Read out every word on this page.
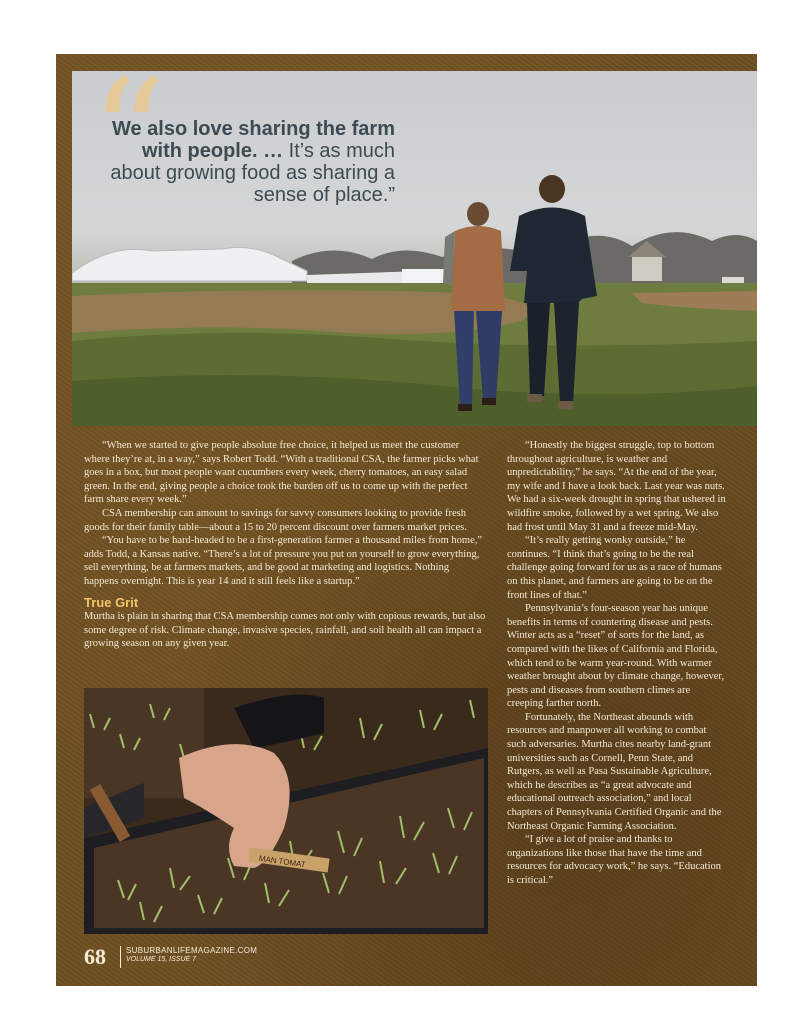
“
We also love sharing the farm with people. … It’s as much about growing food as sharing a sense of place.”

“When we started to give people absolute free choice, it helped us meet the customer where they’re at, in a way,” says Robert Todd. “With a traditional CSA, the farmer picks what goes in a box, but most people want cucumbers every week, cherry tomatoes, an easy salad green. In the end, giving people a choice took the burden off us to come up with the perfect farm share every week.”

CSA membership can amount to savings for savvy consumers looking to provide fresh goods for their family table—about a 15 to 20 percent discount over farmers market prices.

“You have to be hard-headed to be a first-generation farmer a thousand miles from home,” adds Todd, a Kansas native. “There’s a lot of pressure you put on yourself to grow everything, sell everything, be at farmers markets, and be good at marketing and logistics. Nothing happens overnight. This is year 14 and it still feels like a startup.”

True Grit

Murtha is plain in sharing that CSA membership comes not only with copious rewards, but also some degree of risk. Climate change, invasive species, rainfall, and soil health all can impact a growing season on any given year.

MAN TOMAT

“Honestly the biggest struggle, top to bottom throughout agriculture, is weather and unpredictability,” he says. “At the end of the year, my wife and I have a look back. Last year was nuts. We had a six-week drought in spring that ushered in wildfire smoke, followed by a wet spring. We also had frost until May 31 and a freeze mid-May.

“It’s really getting wonky outside,” he continues. “I think that’s going to be the real challenge going forward for us as a race of humans on this planet, and farmers are going to be on the front lines of that.”

Pennsylvania’s four-season year has unique benefits in terms of countering disease and pests. Winter acts as a “reset” of sorts for the land, as compared with the likes of California and Florida, which tend to be warm year-round. With warmer weather brought about by climate change, however, pests and diseases from southern climes are creeping farther north.

Fortunately, the Northeast abounds with resources and manpower all working to combat such adversaries. Murtha cites nearby land-grant universities such as Cornell, Penn State, and Rutgers, as well as Pasa Sustainable Agriculture, which he describes as “a great advocate and educational outreach association,” and local chapters of Pennsylvania Certified Organic and the Northeast Organic Farming Association.

“I give a lot of praise and thanks to organizations like those that have the time and resources for advocacy work,” he says. “Education is critical.”

68	SUBURBANLIFEMAGAZINE.COM
VOLUME 15, ISSUE 7
